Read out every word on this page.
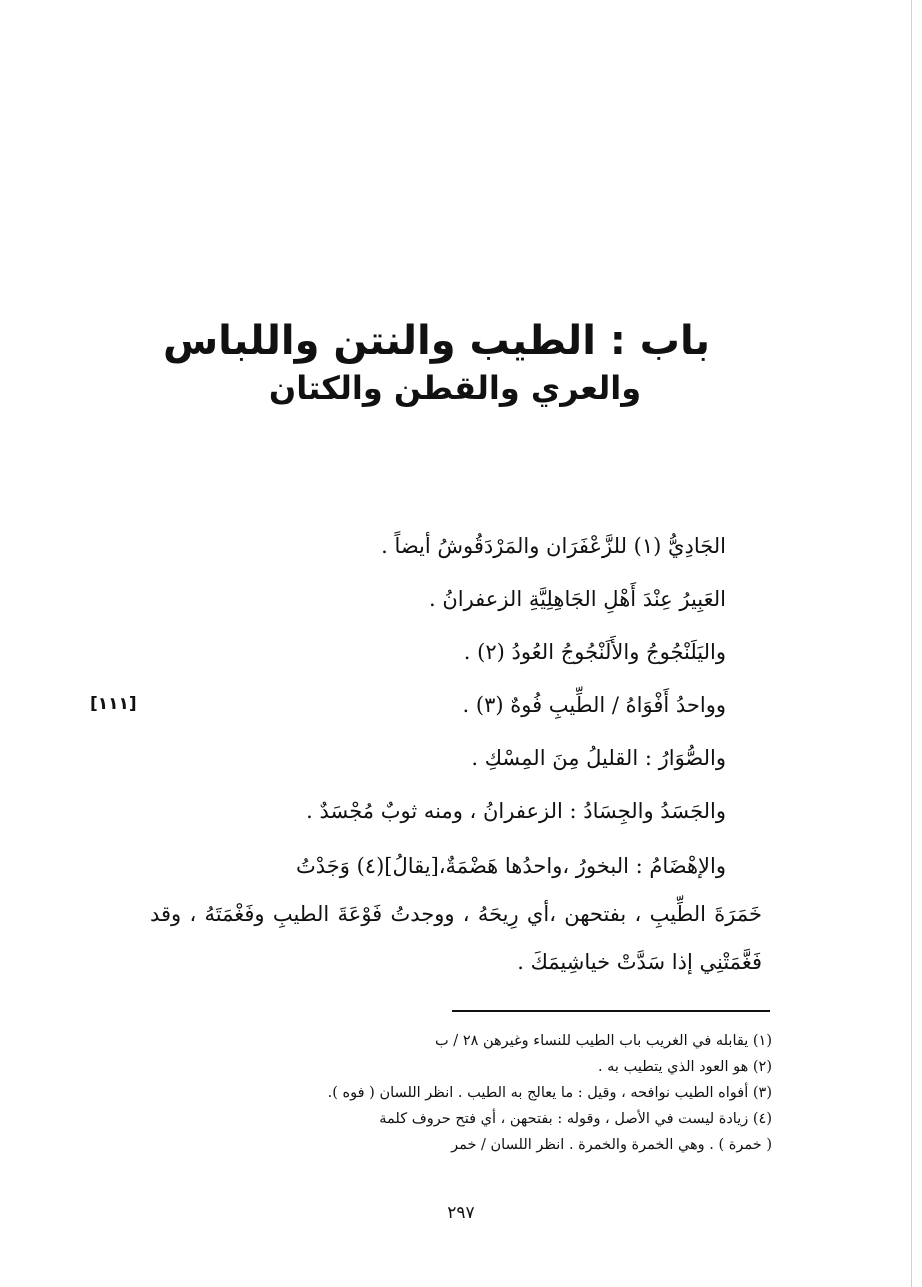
باب : الطيب والنتن واللباس
والعري والقطن والكتان
[١١١]
الجَادِيُّ (١) للزَّعْفَرَان والمَرْدَقُوشُ أيضاً .
العَبِيرُ عِنْدَ أَهْلِ الجَاهِلِيَّةِ الزعفرانُ .
واليَلَنْجُوجُ والأَلَنْجُوجُ العُودُ (٢) .
وواحدُ أَفْوَاهُ / الطِّيبِ فُوهٌ (٣) .
والصُّوَارُ : القليلُ مِنَ المِسْكِ .
والجَسَدُ والجِسَادُ : الزعفرانُ ، ومنه ثوبٌ مُجْسَدٌ .
والإهْضَامُ : البخورُ ،واحدُها هَضْمَةٌ،[يقالُ](٤) وَجَدْتُ
خَمَرَةَ الطِّيبِ ، بفتحهن ،أي رِيحَهُ ، ووجدتُ فَوْعَةَ الطيبِ وفَغْمَتَهُ ، وقد فَغَّمَتْنِي إذا سَدَّتْ خياشِيمَكَ .
(١) يقابله في الغريب باب الطيب للنساء وغيرهن ٢٨ / ب
(٢) هو العود الذي يتطيب به .
(٣) أفواه الطيب نوافحه ، وقيل : ما يعالج به الطيب . انظر اللسان ( فوه ).
(٤) زيادة ليست في الأصل ، وقوله : بفتحهن ، أي فتح حروف كلمة
( خمرة ) . وهي الخمرة والخمرة . انظر اللسان / خمر
٢٩٧
